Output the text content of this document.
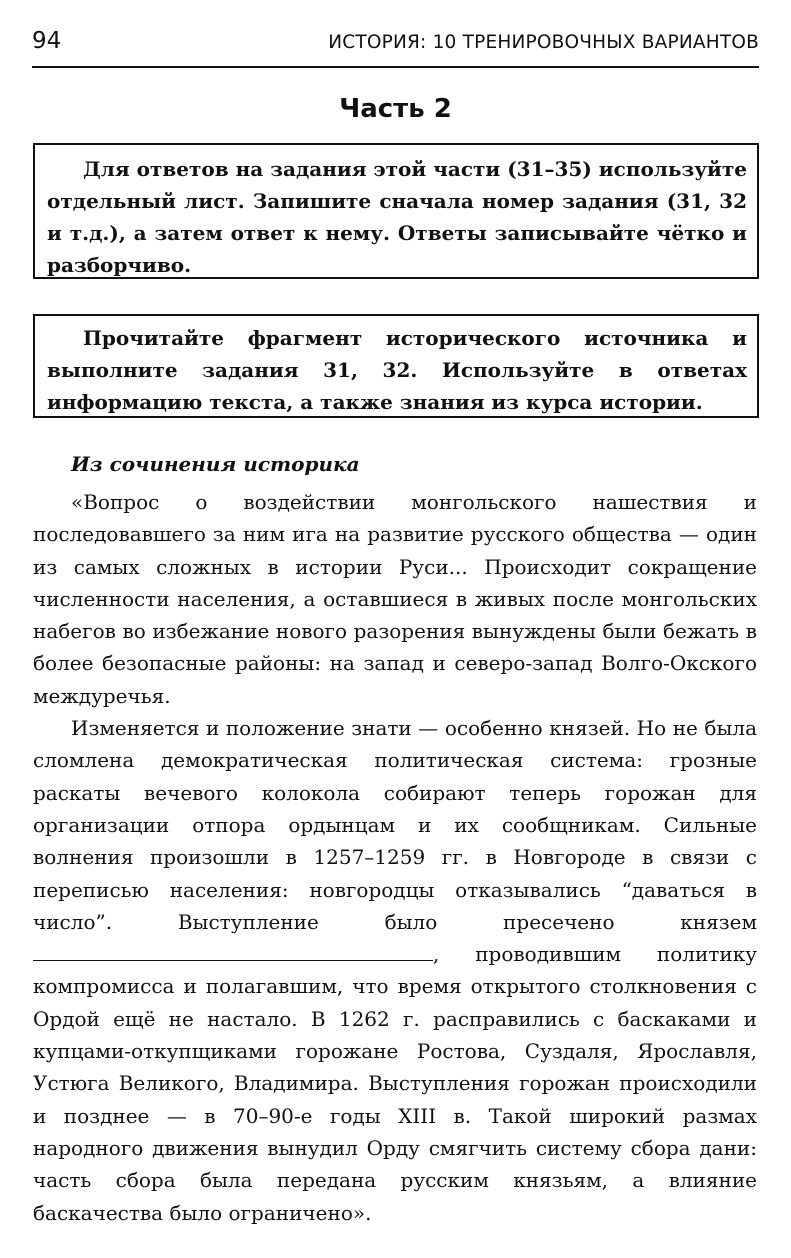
94	ИСТОРИЯ: 10 ТРЕНИРОВОЧНЫХ ВАРИАНТОВ
Часть 2

Для ответов на задания этой части (31–35) используйте отдельный лист. Запишите сначала номер задания (31, 32 и т.д.), а затем ответ к нему. Ответы записывайте чётко и разборчиво.

Прочитайте фрагмент исторического источника и выполните задания 31, 32. Используйте в ответах информацию текста, а также знания из курса истории.

Из сочинения историка

«Вопрос о воздействии монгольского нашествия и последовавшего за ним ига на развитие русского общества — один из самых сложных в истории Руси... Происходит сокращение численности населения, а оставшиеся в живых после монгольских набегов во избежание нового разорения вынуждены были бежать в более безопасные районы: на запад и северо-запад Волго-Окского междуречья.

Изменяется и положение знати — особенно князей. Но не была сломлена демократическая политическая система: грозные раскаты вечевого колокола собирают теперь горожан для организации отпора ордынцам и их сообщникам. Сильные волнения произошли в 1257–1259 гг. в Новгороде в связи с переписью населения: новгородцы отказывались “даваться в число”. Выступление было пресечено князем , проводившим политику компромисса и полагавшим, что время открытого столкновения с Ордой ещё не настало. В 1262 г. расправились с баскаками и купцами-откупщиками горожане Ростова, Суздаля, Ярославля, Устюга Великого, Владимира. Выступления горожан происходили и позднее — в 70–90-е годы XIII в. Такой широкий размах народного движения вынудил Орду смягчить систему сбора дани: часть сбора была передана русским князьям, а влияние баскачества было ограничено».
